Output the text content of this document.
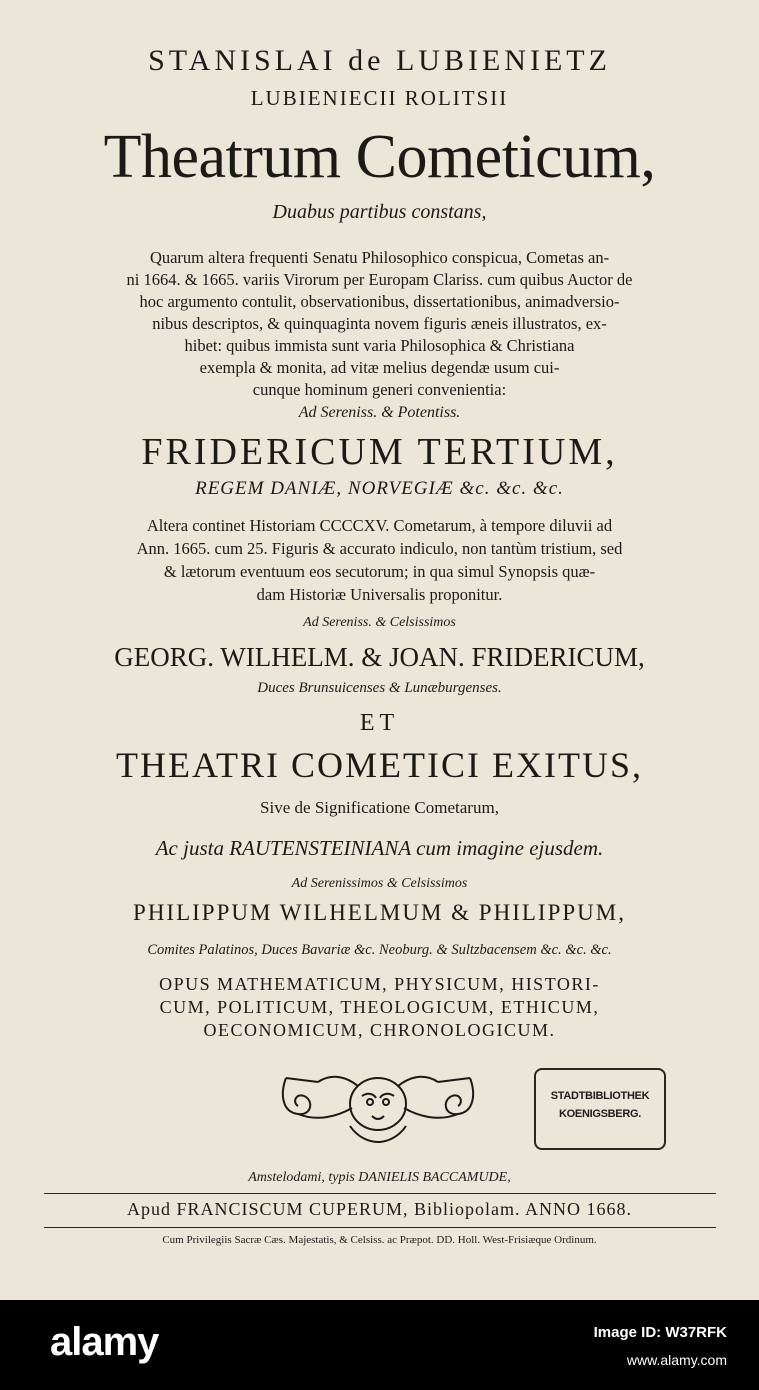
STANISLAI de LUBIENIETZ
LUBIENIECII ROLITSII
Theatrum Cometicum,
Duabus partibus constans,
Quarum altera frequenti Senatu Philosophico conspicua, Cometas an-
ni 1664. & 1665. variis Virorum per Europam Clariss. cum quibus Auctor de
hoc argumento contulit, observationibus, dissertationibus, animadversio-
nibus descriptos, & quinquaginta novem figuris æneis illustratos, ex-
hibet: quibus immista sunt varia Philosophica & Christiana
exempla & monita, ad vitæ melius degendæ usum cui-
cunque hominum generi convenientia:
Ad Sereniss. & Potentiss.
FRIDERICUM TERTIUM,
REGEM DANIÆ, NORVEGIÆ &c. &c. &c.
Altera continet Historiam CCCCXV. Cometarum, à tempore diluvii ad
Ann. 1665. cum 25. Figuris & accurato indiculo, non tantùm tristium, sed
& lætorum eventuum eos secutorum; in qua simul Synopsis quæ-
dam Historiæ Universalis proponitur.
Ad Sereniss. & Celsissimos
GEORG. WILHELM. & JOAN. FRIDERICUM,
Duces Brunsuicenses & Lunæburgenses.
ET
THEATRI COMETICI EXITUS,
Sive de Significatione Cometarum,
Ac justa RAUTENSTEINIANA cum imagine ejusdem.
Ad Serenissimos & Celsissimos
PHILIPPUM WILHELMUM & PHILIPPUM,
Comites Palatinos, Duces Bavariæ &c. Neoburg. & Sultzbacensem &c. &c. &c.
OPUS MATHEMATICUM, PHYSICUM, HISTORI-
CUM, POLITICUM, THEOLOGICUM, ETHICUM,
OECONOMICUM, CHRONOLOGICUM.
STADTBIBLIOTHEK
KOENIGSBERG.
Amstelodami, typis DANIELIS BACCAMUDE,
Apud FRANCISCUM CUPERUM, Bibliopolam. ANNO 1668.
Cum Privilegiis Sacræ Cæs. Majestatis, & Celsiss. ac Præpot. DD. Holl. West-Frisiæque Ordinum.
alamy	Image ID: W37RFK
www.alamy.com
